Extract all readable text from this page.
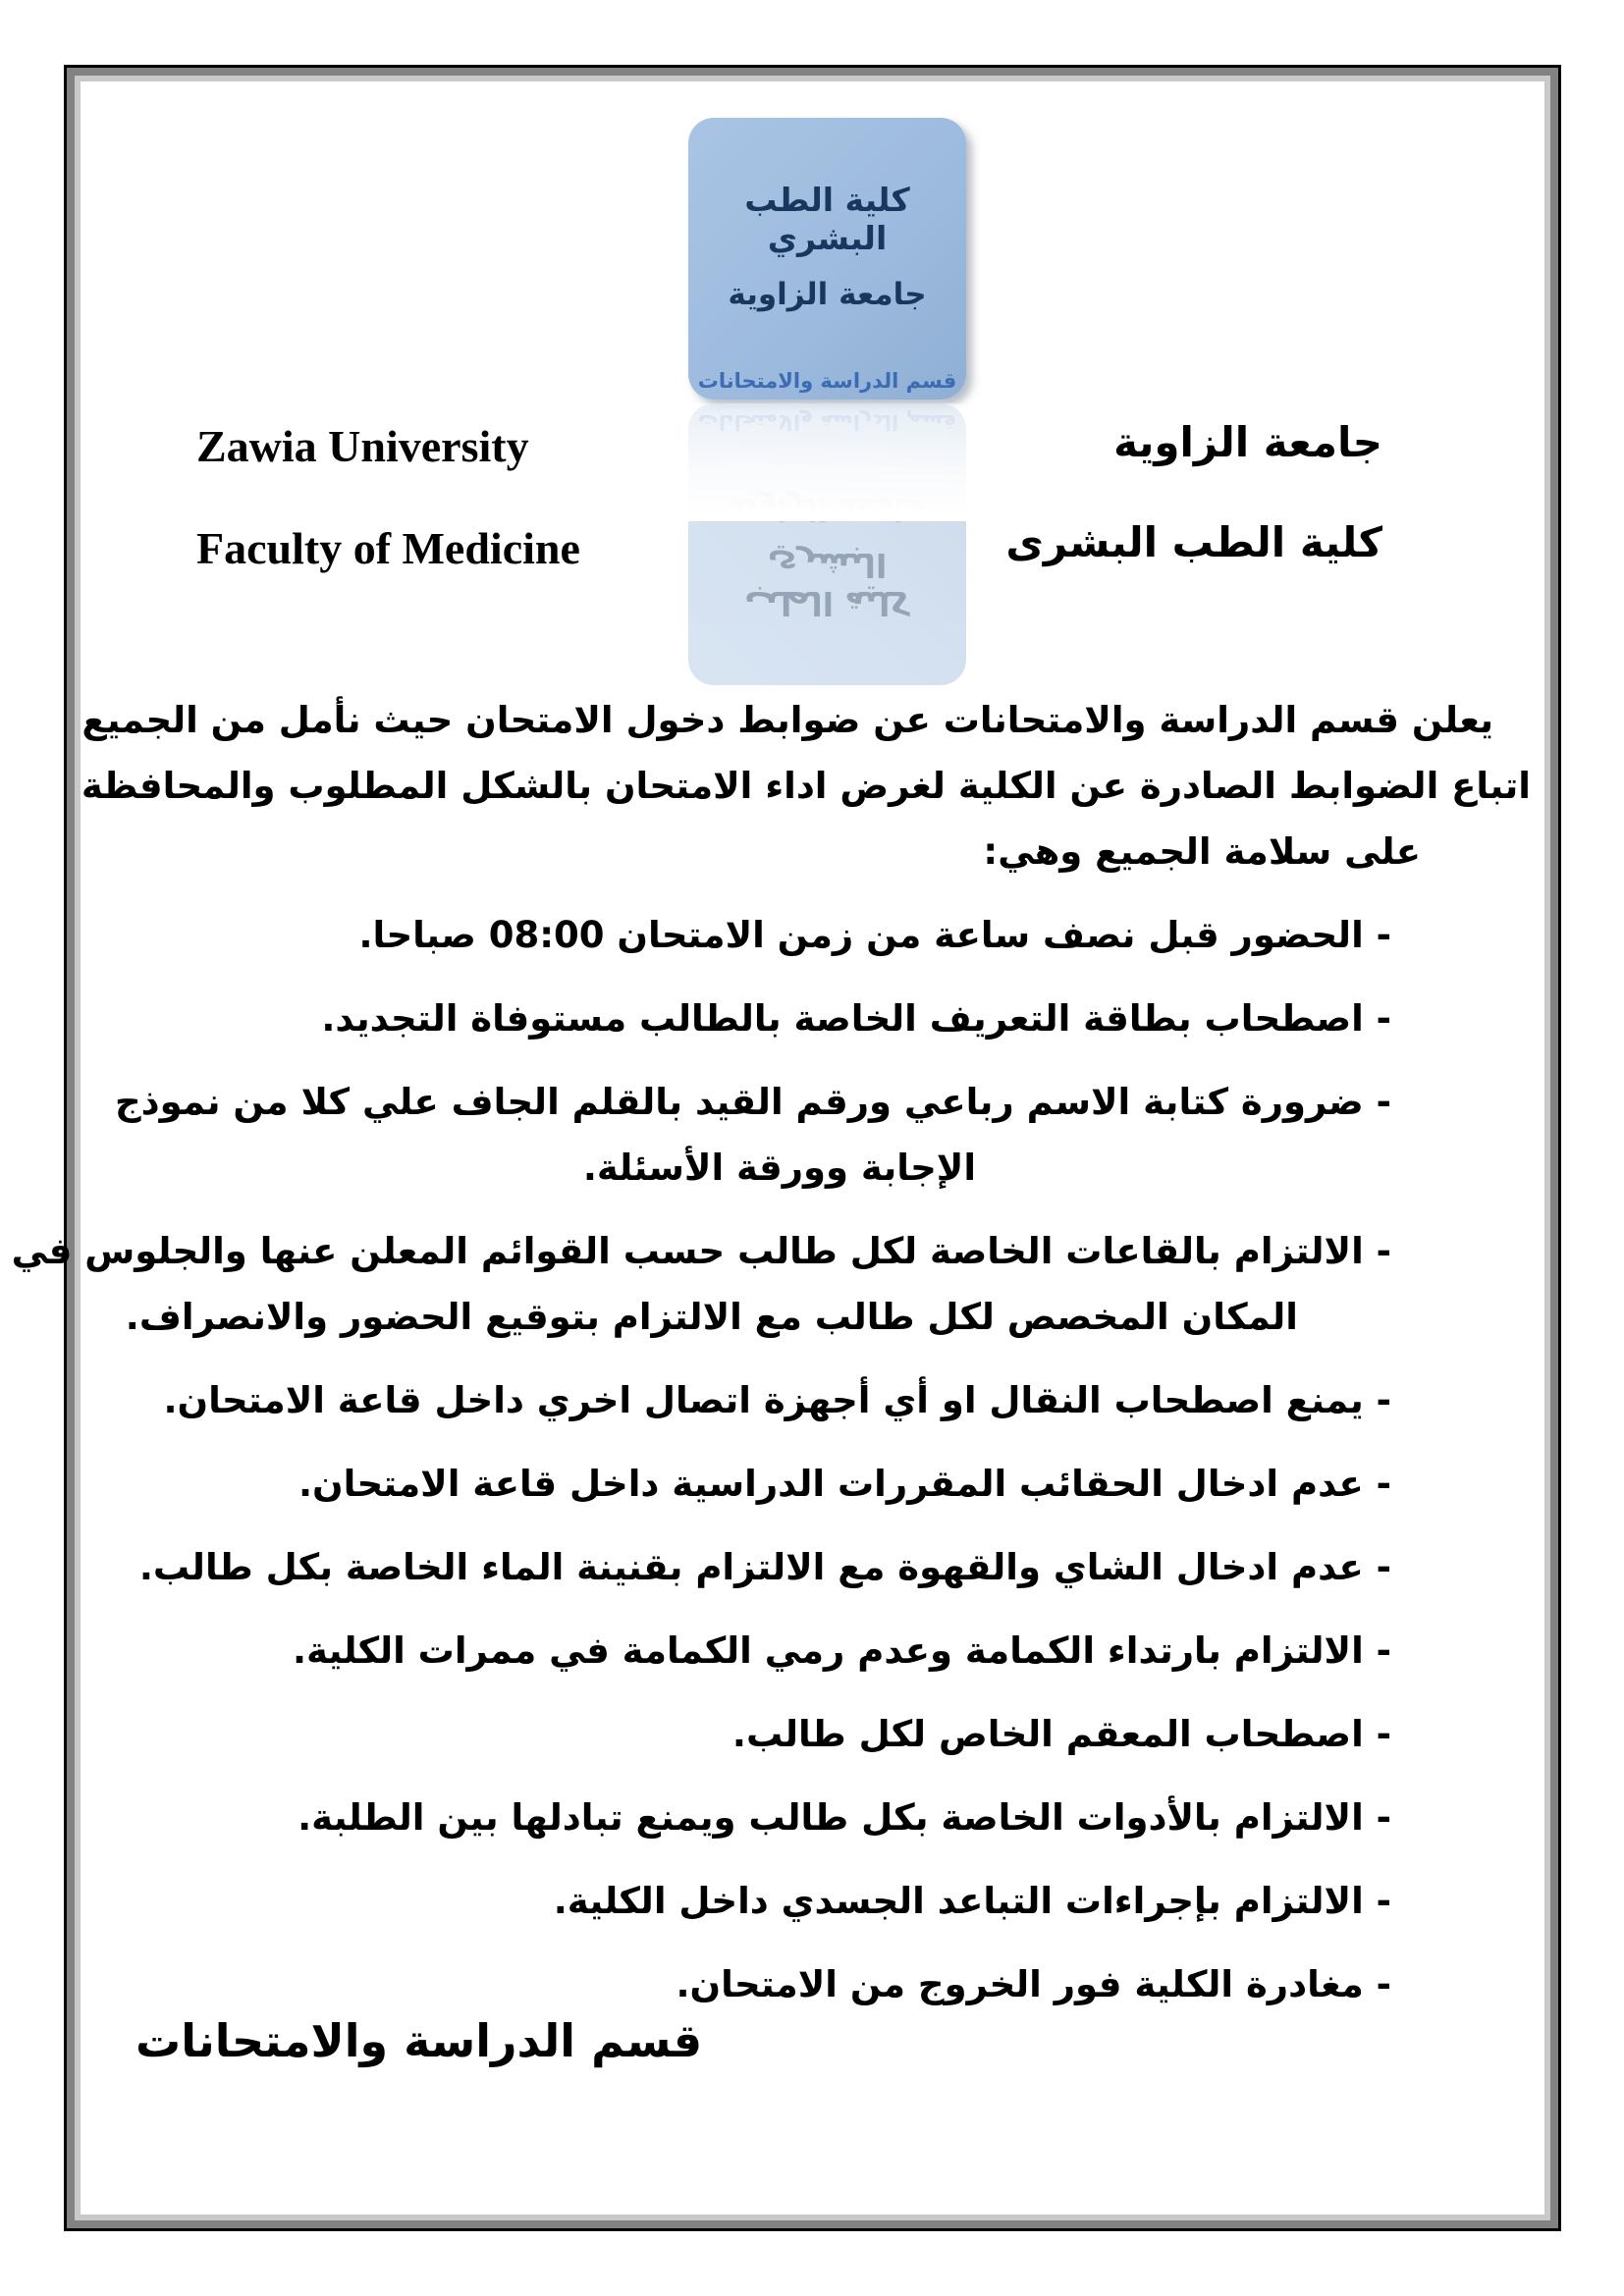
كلية الطب البشري
جامعة الزاوية
قسم الدراسة والامتحانات
كلية الطب البشري
Zawia University
Faculty of Medicine
جامعة الزاوية
كلية الطب البشرى
يعلن قسم الدراسة والامتحانات عن ضوابط دخول الامتحان حيث نأمل من الجميع
اتباع الضوابط الصادرة عن الكلية لغرض اداء الامتحان بالشكل المطلوب والمحافظة
على سلامة الجميع وهي:
- الحضور قبل نصف ساعة من زمن الامتحان 08:00 صباحا.
- اصطحاب بطاقة التعريف الخاصة بالطالب مستوفاة التجديد.
- ضرورة كتابة الاسم رباعي ورقم القيد بالقلم الجاف علي كلا من نموذج
الإجابة وورقة الأسئلة.
- الالتزام بالقاعات الخاصة لكل طالب حسب القوائم المعلن عنها والجلوس في
المكان المخصص لكل طالب مع الالتزام بتوقيع الحضور والانصراف.
- يمنع اصطحاب النقال او أي أجهزة اتصال اخري داخل قاعة الامتحان.
- عدم ادخال الحقائب المقررات الدراسية داخل قاعة الامتحان.
- عدم ادخال الشاي والقهوة مع الالتزام بقنينة الماء الخاصة بكل طالب.
- الالتزام بارتداء الكمامة وعدم رمي الكمامة في ممرات الكلية.
- اصطحاب المعقم الخاص لكل طالب.
- الالتزام بالأدوات الخاصة بكل طالب ويمنع تبادلها بين الطلبة.
- الالتزام بإجراءات التباعد الجسدي داخل الكلية.
- مغادرة الكلية فور الخروج من الامتحان.
قسم الدراسة والامتحانات
